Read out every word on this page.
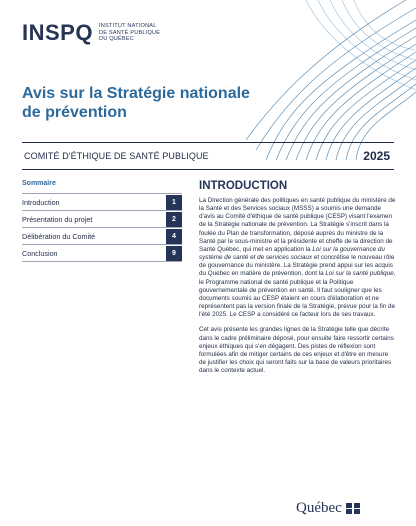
INSPQ INSTITUT NATIONAL
DE SANTÉ PUBLIQUE
DU QUÉBEC
Avis sur la Stratégie nationale
de prévention
COMITÉ D'ÉTHIQUE DE SANTÉ PUBLIQUE	2025
Sommaire
Introduction	1
Présentation du projet	2
Délibération du Comité	4
Conclusion	9
INTRODUCTION

La Direction générale des politiques en santé publique du ministère de la Santé et des Services sociaux (MSSS) a soumis une demande d'avis au Comité d'éthique de santé publique (CESP) visant l'examen de la Stratégie nationale de prévention. La Stratégie s'inscrit dans la foulée du Plan de transformation, déposé auprès du ministre de la Santé par le sous-ministre et la présidente et cheffe de la direction de Santé Québec, qui met en application la Loi sur la gouvernance du système de santé et de services sociaux et concrétise le nouveau rôle de gouvernance du ministère. La Stratégie prend appui sur les acquis du Québec en matière de prévention, dont la Loi sur la santé publique, le Programme national de santé publique et la Politique gouvernementale de prévention en santé. Il faut souligner que les documents soumis au CESP étaient en cours d'élaboration et ne représentent pas la version finale de la Stratégie, prévue pour la fin de l'été 2025. Le CESP a considéré ce facteur lors de ses travaux.

Cet avis présente les grandes lignes de la Stratégie telle que décrite dans le cadre préliminaire déposé, pour ensuite faire ressortir certains enjeux éthiques qui s'en dégagent. Des pistes de réflexion sont formulées afin de mitiger certains de ces enjeux et d'être en mesure de justifier les choix qui seront faits sur la base de valeurs prioritaires dans le contexte actuel.

Québec
